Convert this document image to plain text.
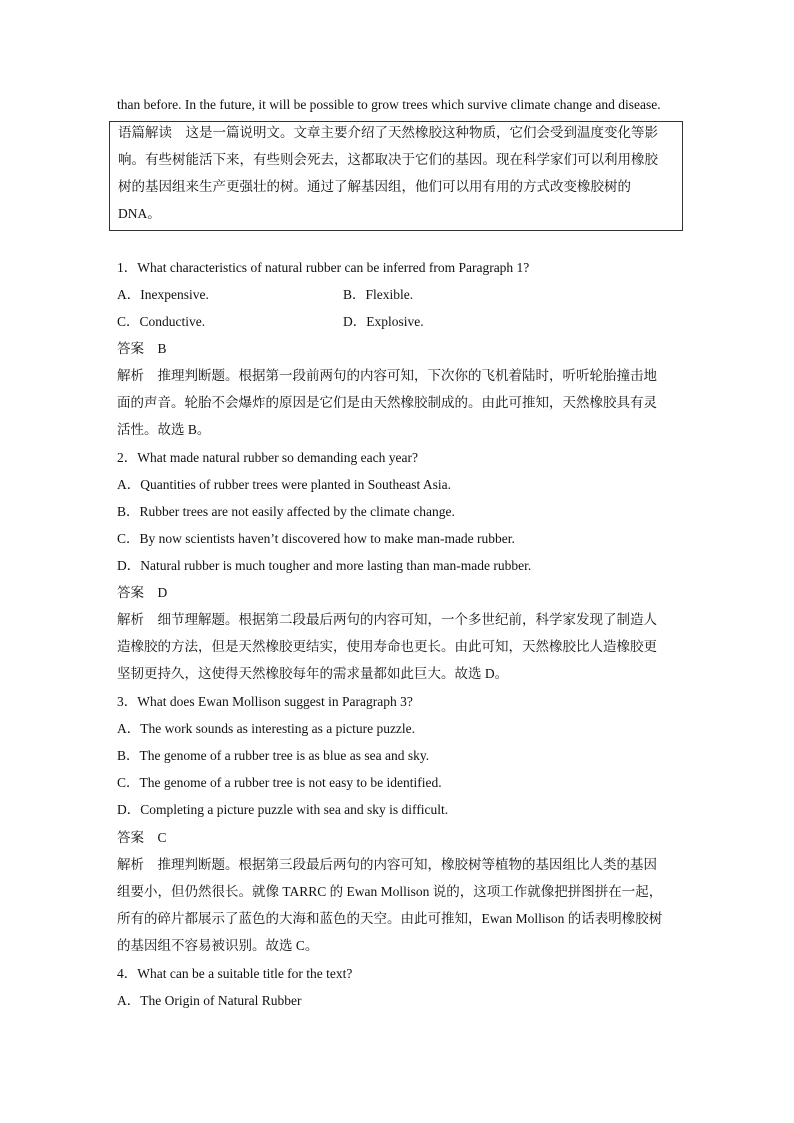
than before. In the future, it will be possible to grow trees which survive climate change and disease.
语篇解读　这是一篇说明文。文章主要介绍了天然橡胶这种物质，它们会受到温度变化等影
响。有些树能活下来，有些则会死去，这都取决于它们的基因。现在科学家们可以利用橡胶
树的基因组来生产更强壮的树。通过了解基因组，他们可以用有用的方式改变橡胶树的
DNA。
1．What characteristics of natural rubber can be inferred from Paragraph 1?
A．Inexpensive.	B．Flexible.
C．Conductive.	D．Explosive.
答案　B
解析　推理判断题。根据第一段前两句的内容可知，下次你的飞机着陆时，听听轮胎撞击地
面的声音。轮胎不会爆炸的原因是它们是由天然橡胶制成的。由此可推知，天然橡胶具有灵
活性。故选 B。
2．What made natural rubber so demanding each year?
A．Quantities of rubber trees were planted in Southeast Asia.
B．Rubber trees are not easily affected by the climate change.
C．By now scientists haven’t discovered how to make man-made rubber.
D．Natural rubber is much tougher and more lasting than man-made rubber.
答案　D
解析　细节理解题。根据第二段最后两句的内容可知，一个多世纪前，科学家发现了制造人
造橡胶的方法，但是天然橡胶更结实，使用寿命也更长。由此可知，天然橡胶比人造橡胶更
坚韧更持久，这使得天然橡胶每年的需求量都如此巨大。故选 D。
3．What does Ewan Mollison suggest in Paragraph 3?
A．The work sounds as interesting as a picture puzzle.
B．The genome of a rubber tree is as blue as sea and sky.
C．The genome of a rubber tree is not easy to be identified.
D．Completing a picture puzzle with sea and sky is difficult.
答案　C
解析　推理判断题。根据第三段最后两句的内容可知，橡胶树等植物的基因组比人类的基因
组要小，但仍然很长。就像 TARRC 的 Ewan Mollison 说的，这项工作就像把拼图拼在一起，
所有的碎片都展示了蓝色的大海和蓝色的天空。由此可推知，Ewan Mollison 的话表明橡胶树
的基因组不容易被识别。故选 C。
4．What can be a suitable title for the text?
A．The Origin of Natural Rubber
